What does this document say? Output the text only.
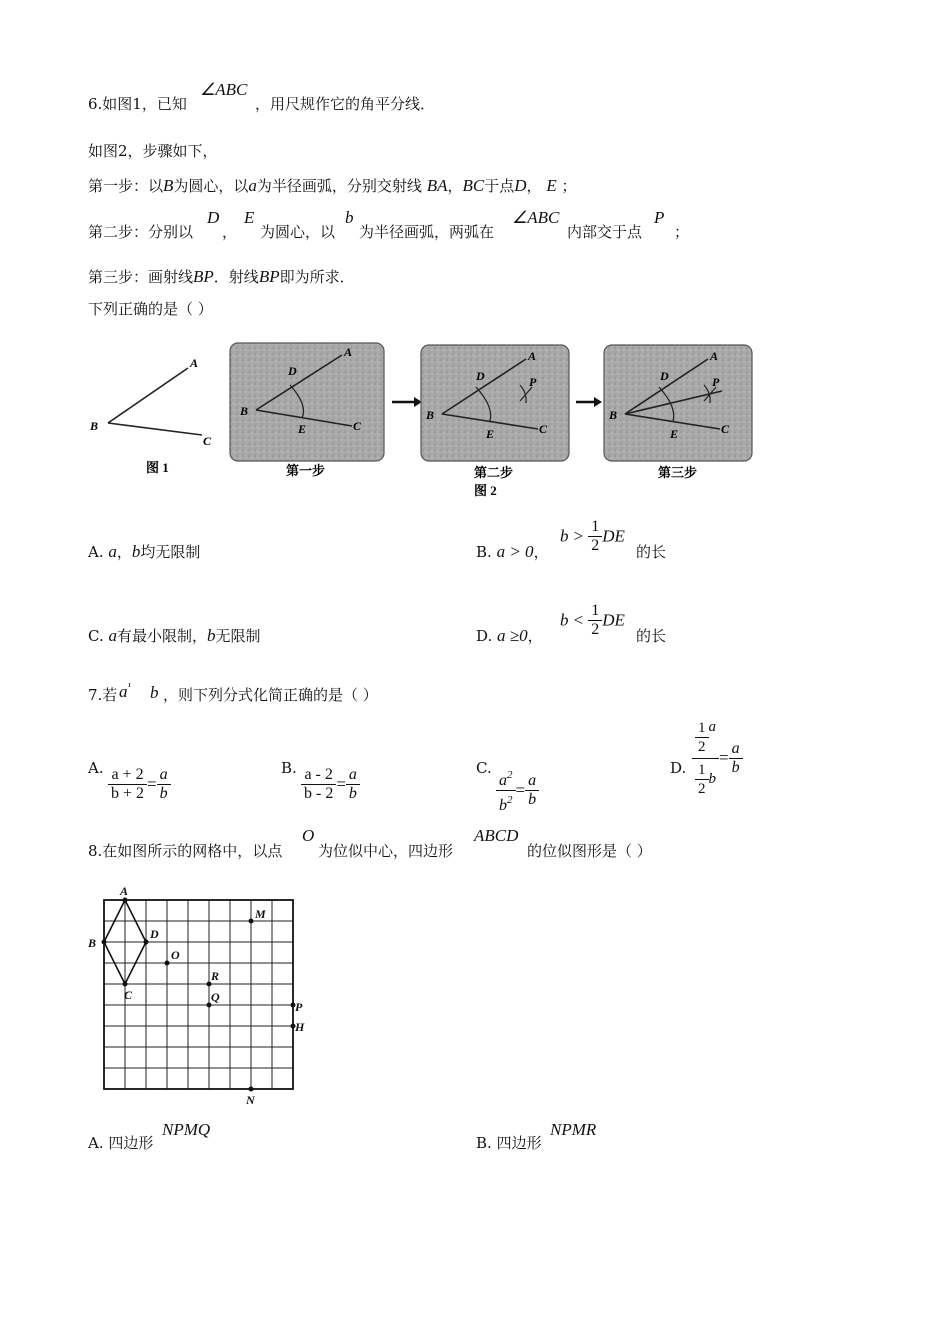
6.如图1，已知
∠ABC
，用尺规作它的角平分线．
如图2，步骤如下，
第一步：以B为圆心，以a为半径画弧，分别交射线 BA，BC于点D， E ；
第二步：分别以
D
，
E
为圆心，以
b
为半径画弧，两弧在
∠ABC
内部交于点
P
；
第三步：画射线BP．射线BP即为所求．
下列正确的是（ ）
A
B
C
图 1
A
D
B
E	C
第一步
A
D	P
B
E	C
第二步
图 2
A
D	P
B
E	C
第三步
A. a，b均无限制	B. a > 0，
$b > \frac{1}{2}$ DE
的长
C. a有最小限制，b无限制	D. a ≥0，
$b < \frac{1}{2}$ DE
的长
7.若 $a^{^1}$ b ，则下列分式化简正确的是（ ）
A. $\frac{a + 2}{b + 2} = \frac{a}{b}$	B. $\frac{a - 2}{b - 2} = \frac{a}{b}$	C. $\frac{a^2}{b^2} = \frac{a}{b}$
D. $\frac{\frac{1}{2} a}{\frac{1}{2} b} = \frac{a}{b}$
8.在如图所示的网格中，以点
O
为位似中心，四边形
ABCD
的位似图形是（ ）
A
B
C
D
O
M
R
Q
P
H
N
A. 四边形
NPMQ
B. 四边形
NPMR
